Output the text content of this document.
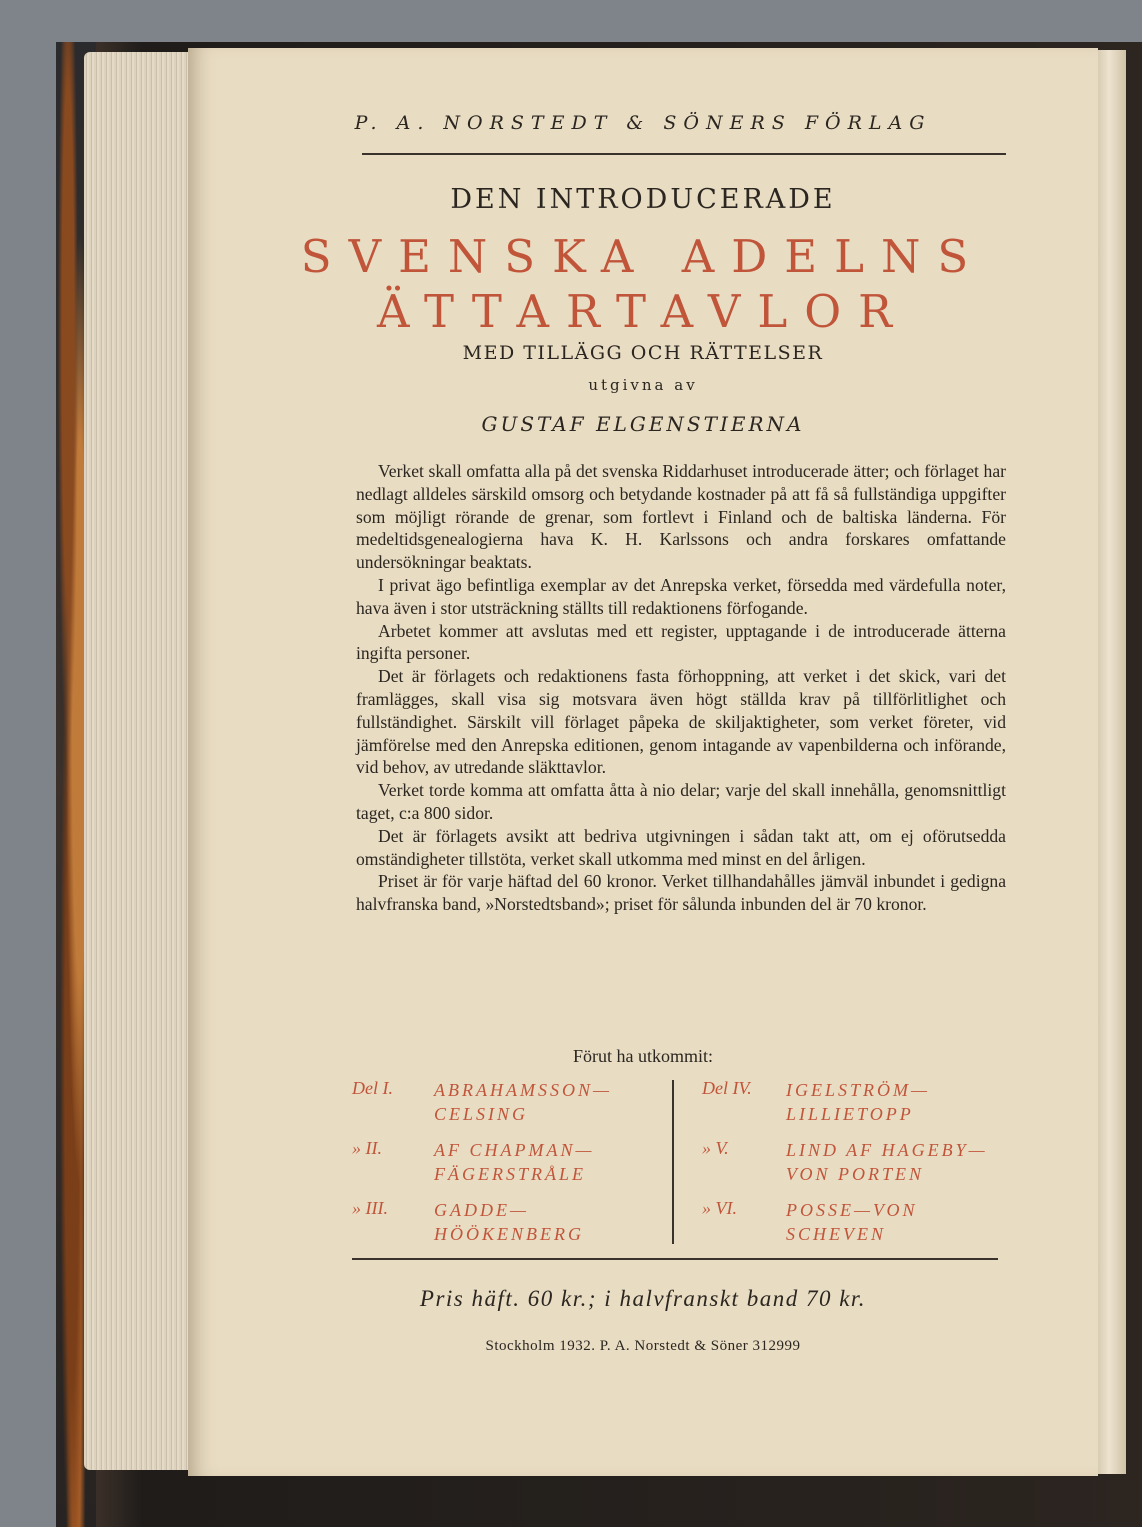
P. A. NORSTEDT & SÖNERS FÖRLAG
DEN INTRODUCERADE
SVENSKA ADELNS
ÄTTARTAVLOR
MED TILLÄGG OCH RÄTTELSER
utgivna av
GUSTAF ELGENSTIERNA

Verket skall omfatta alla på det svenska Riddarhuset introducerade ätter; och förlaget har nedlagt alldeles särskild omsorg och betydande kostnader på att få så fullständiga uppgifter som möjligt rörande de grenar, som fortlevt i Finland och de baltiska länderna. För medeltidsgenealogierna hava K. H. Karlssons och andra forskares omfattande undersökningar beaktats.

I privat ägo befintliga exemplar av det Anrepska verket, försedda med värdefulla noter, hava även i stor utsträckning ställts till redaktionens förfogande.

Arbetet kommer att avslutas med ett register, upptagande i de introducerade ätterna ingifta personer.

Det är förlagets och redaktionens fasta förhoppning, att verket i det skick, vari det framlägges, skall visa sig motsvara även högt ställda krav på tillförlitlighet och fullständighet. Särskilt vill förlaget påpeka de skiljaktigheter, som verket företer, vid jämförelse med den Anrepska editionen, genom intagande av vapenbilderna och införande, vid behov, av utredande släkttavlor.

Verket torde komma att omfatta åtta à nio delar; varje del skall innehålla, genomsnittligt taget, c:a 800 sidor.

Det är förlagets avsikt att bedriva utgivningen i sådan takt att, om ej oförutsedda omständigheter tillstöta, verket skall utkomma med minst en del årligen.

Priset är för varje häftad del 60 kronor. Verket tillhandahålles jämväl inbundet i gedigna halvfranska band, »Norstedtsband»; priset för sålunda inbunden del är 70 kronor.

Förut ha utkommit:
Del I. ABRAHAMSSON—CELSING
» II.	AF CHAPMAN—FÄGERSTRÅLE
» III.	GADDE—HÖÖKENBERG
Del IV. IGELSTRÖM—LILLIETOPP
» V.	LIND AF HAGEBY—VON PORTEN
» VI.	POSSE—VON SCHEVEN
Pris häft. 60 kr.; i halvfranskt band 70 kr.
Stockholm 1932. P. A. Norstedt & Söner 312999
